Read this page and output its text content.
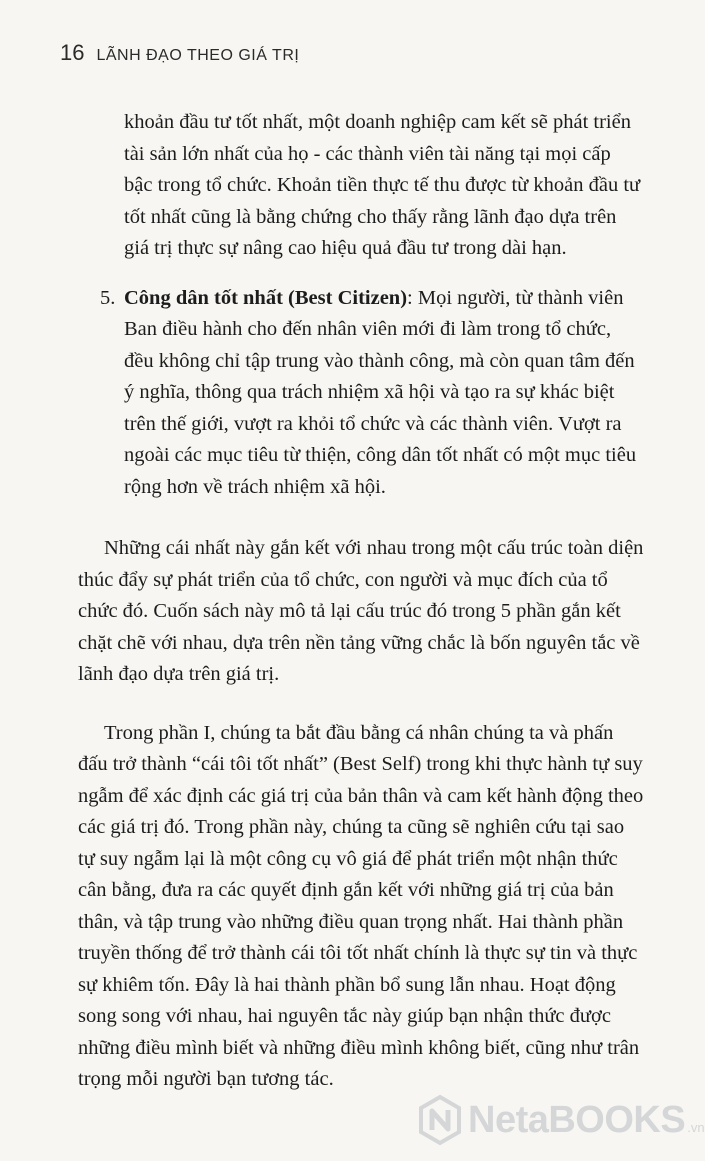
16 LÃNH ĐẠO THEO GIÁ TRỊ

khoản đầu tư tốt nhất, một doanh nghiệp cam kết sẽ phát triển tài sản lớn nhất của họ - các thành viên tài năng tại mọi cấp bậc trong tổ chức. Khoản tiền thực tế thu được từ khoản đầu tư tốt nhất cũng là bằng chứng cho thấy rằng lãnh đạo dựa trên giá trị thực sự nâng cao hiệu quả đầu tư trong dài hạn.

5. Công dân tốt nhất (Best Citizen): Mọi người, từ thành viên Ban điều hành cho đến nhân viên mới đi làm trong tổ chức, đều không chỉ tập trung vào thành công, mà còn quan tâm đến ý nghĩa, thông qua trách nhiệm xã hội và tạo ra sự khác biệt trên thế giới, vượt ra khỏi tổ chức và các thành viên. Vượt ra ngoài các mục tiêu từ thiện, công dân tốt nhất có một mục tiêu rộng hơn về trách nhiệm xã hội.

Những cái nhất này gắn kết với nhau trong một cấu trúc toàn diện thúc đẩy sự phát triển của tổ chức, con người và mục đích của tổ chức đó. Cuốn sách này mô tả lại cấu trúc đó trong 5 phần gắn kết chặt chẽ với nhau, dựa trên nền tảng vững chắc là bốn nguyên tắc về lãnh đạo dựa trên giá trị.

Trong phần I, chúng ta bắt đầu bằng cá nhân chúng ta và phấn đấu trở thành “cái tôi tốt nhất” (Best Self) trong khi thực hành tự suy ngẫm để xác định các giá trị của bản thân và cam kết hành động theo các giá trị đó. Trong phần này, chúng ta cũng sẽ nghiên cứu tại sao tự suy ngẫm lại là một công cụ vô giá để phát triển một nhận thức cân bằng, đưa ra các quyết định gắn kết với những giá trị của bản thân, và tập trung vào những điều quan trọng nhất. Hai thành phần truyền thống để trở thành cái tôi tốt nhất chính là thực sự tin và thực sự khiêm tốn. Đây là hai thành phần bổ sung lẫn nhau. Hoạt động song song với nhau, hai nguyên tắc này giúp bạn nhận thức được những điều mình biết và những điều mình không biết, cũng như trân trọng mỗi người bạn tương tác.

NetaBOOKS .vn
